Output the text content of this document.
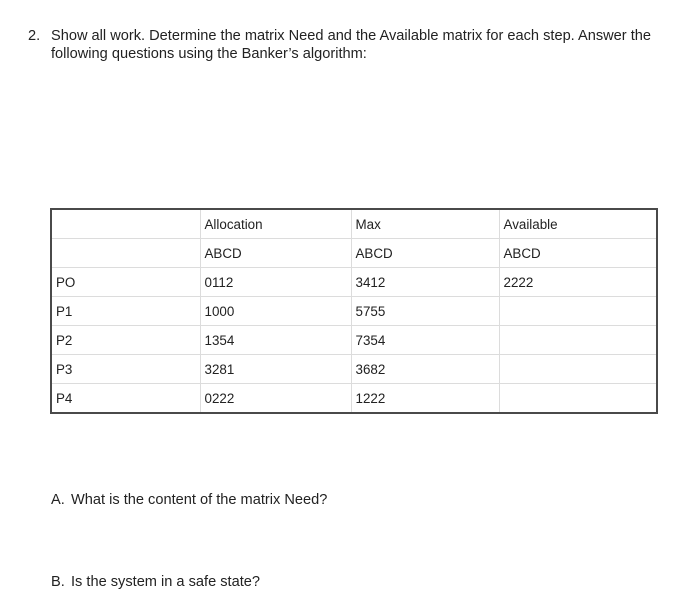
2. Show all work. Determine the matrix Need and the Available matrix for each step. Answer the following questions using the Banker’s algorithm:
	Allocation	Max	Available
	ABCD	ABCD	ABCD
PO	0112	3412	2222
P1	1000	5755	
P2	1354	7354	
P3	3281	3682	
P4	0222	1222	
A. What is the content of the matrix Need?
B. Is the system in a safe state?
